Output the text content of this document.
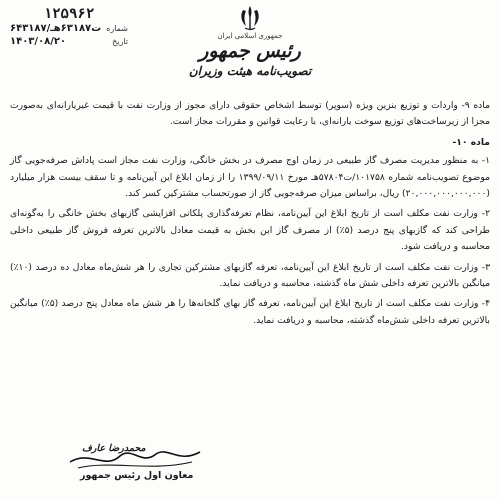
۱۲۵۹۶۲
شماره
۶۴۳۱۸۷/ت۶۳۱۸۷هـ
تاریخ
۱۴۰۳/۰۸/۲۰	جمهوری اسلامی ایران
رئیس جمهور
تصویب‌نامه هیئت وزیران

ماده ۹- واردات و توزیع بنزین ویژه (سوپر) توسط اشخاص حقوقی دارای مجوز از وزارت نفت با قیمت غیریارانه‌ای به‌صورت مجزا از زیرساخت‌های توزیع سوخت یارانه‌ای، با رعایت قوانین و مقررات مجاز است.

ماده ۱۰-

۱- به منظور مدیریت مصرف گاز طبیعی در زمان اوج مصرف در بخش خانگی، وزارت نفت مجاز است پاداش صرفه‌جویی گاز موضوع تصویب‌نامه شماره ۱۰۱۷۵۸/ت۵۷۸۰۴هـ مورخ ۱۳۹۹/۰۹/۱۱ را از زمان ابلاغ این آیین‌نامه و تا سقف بیست هزار میلیارد (۲۰,۰۰۰,۰۰۰,۰۰۰,۰۰۰) ریال، براساس میزان صرفه‌جویی گاز از صورتحساب مشترکین کسر کند.

۲- وزارت نفت مکلف است از تاریخ ابلاغ این آیین‌نامه، نظام تعرفه‌گذاری پلکانی افزایشی گازبهای بخش خانگی را به‌گونه‌ای طراحی کند که گازبهای پنج درصد (۵٪) از مصرف گاز این بخش به قیمت معادل بالاترین تعرفه فروش گاز طبیعی داخلی محاسبه و دریافت شود.

۳- وزارت نفت مکلف است از تاریخ ابلاغ این آیین‌نامه، تعرفه گازبهای مشترکین تجاری را هر شش‌ماه معادل ده درصد (۱۰٪) میانگین بالاترین تعرفه داخلی شش ماه گذشته، محاسبه و دریافت نماید.

۴- وزارت نفت مکلف است از تاریخ ابلاغ این آیین‌نامه، تعرفه گاز بهای گلخانه‌ها را هر شش ماه معادل پنج درصد (۵٪) میانگین بالاترین تعرفه داخلی شش‌ماه گذشته، محاسبه و دریافت نماید.

محمدرضا عارف
معاون اول رئیس جمهور
